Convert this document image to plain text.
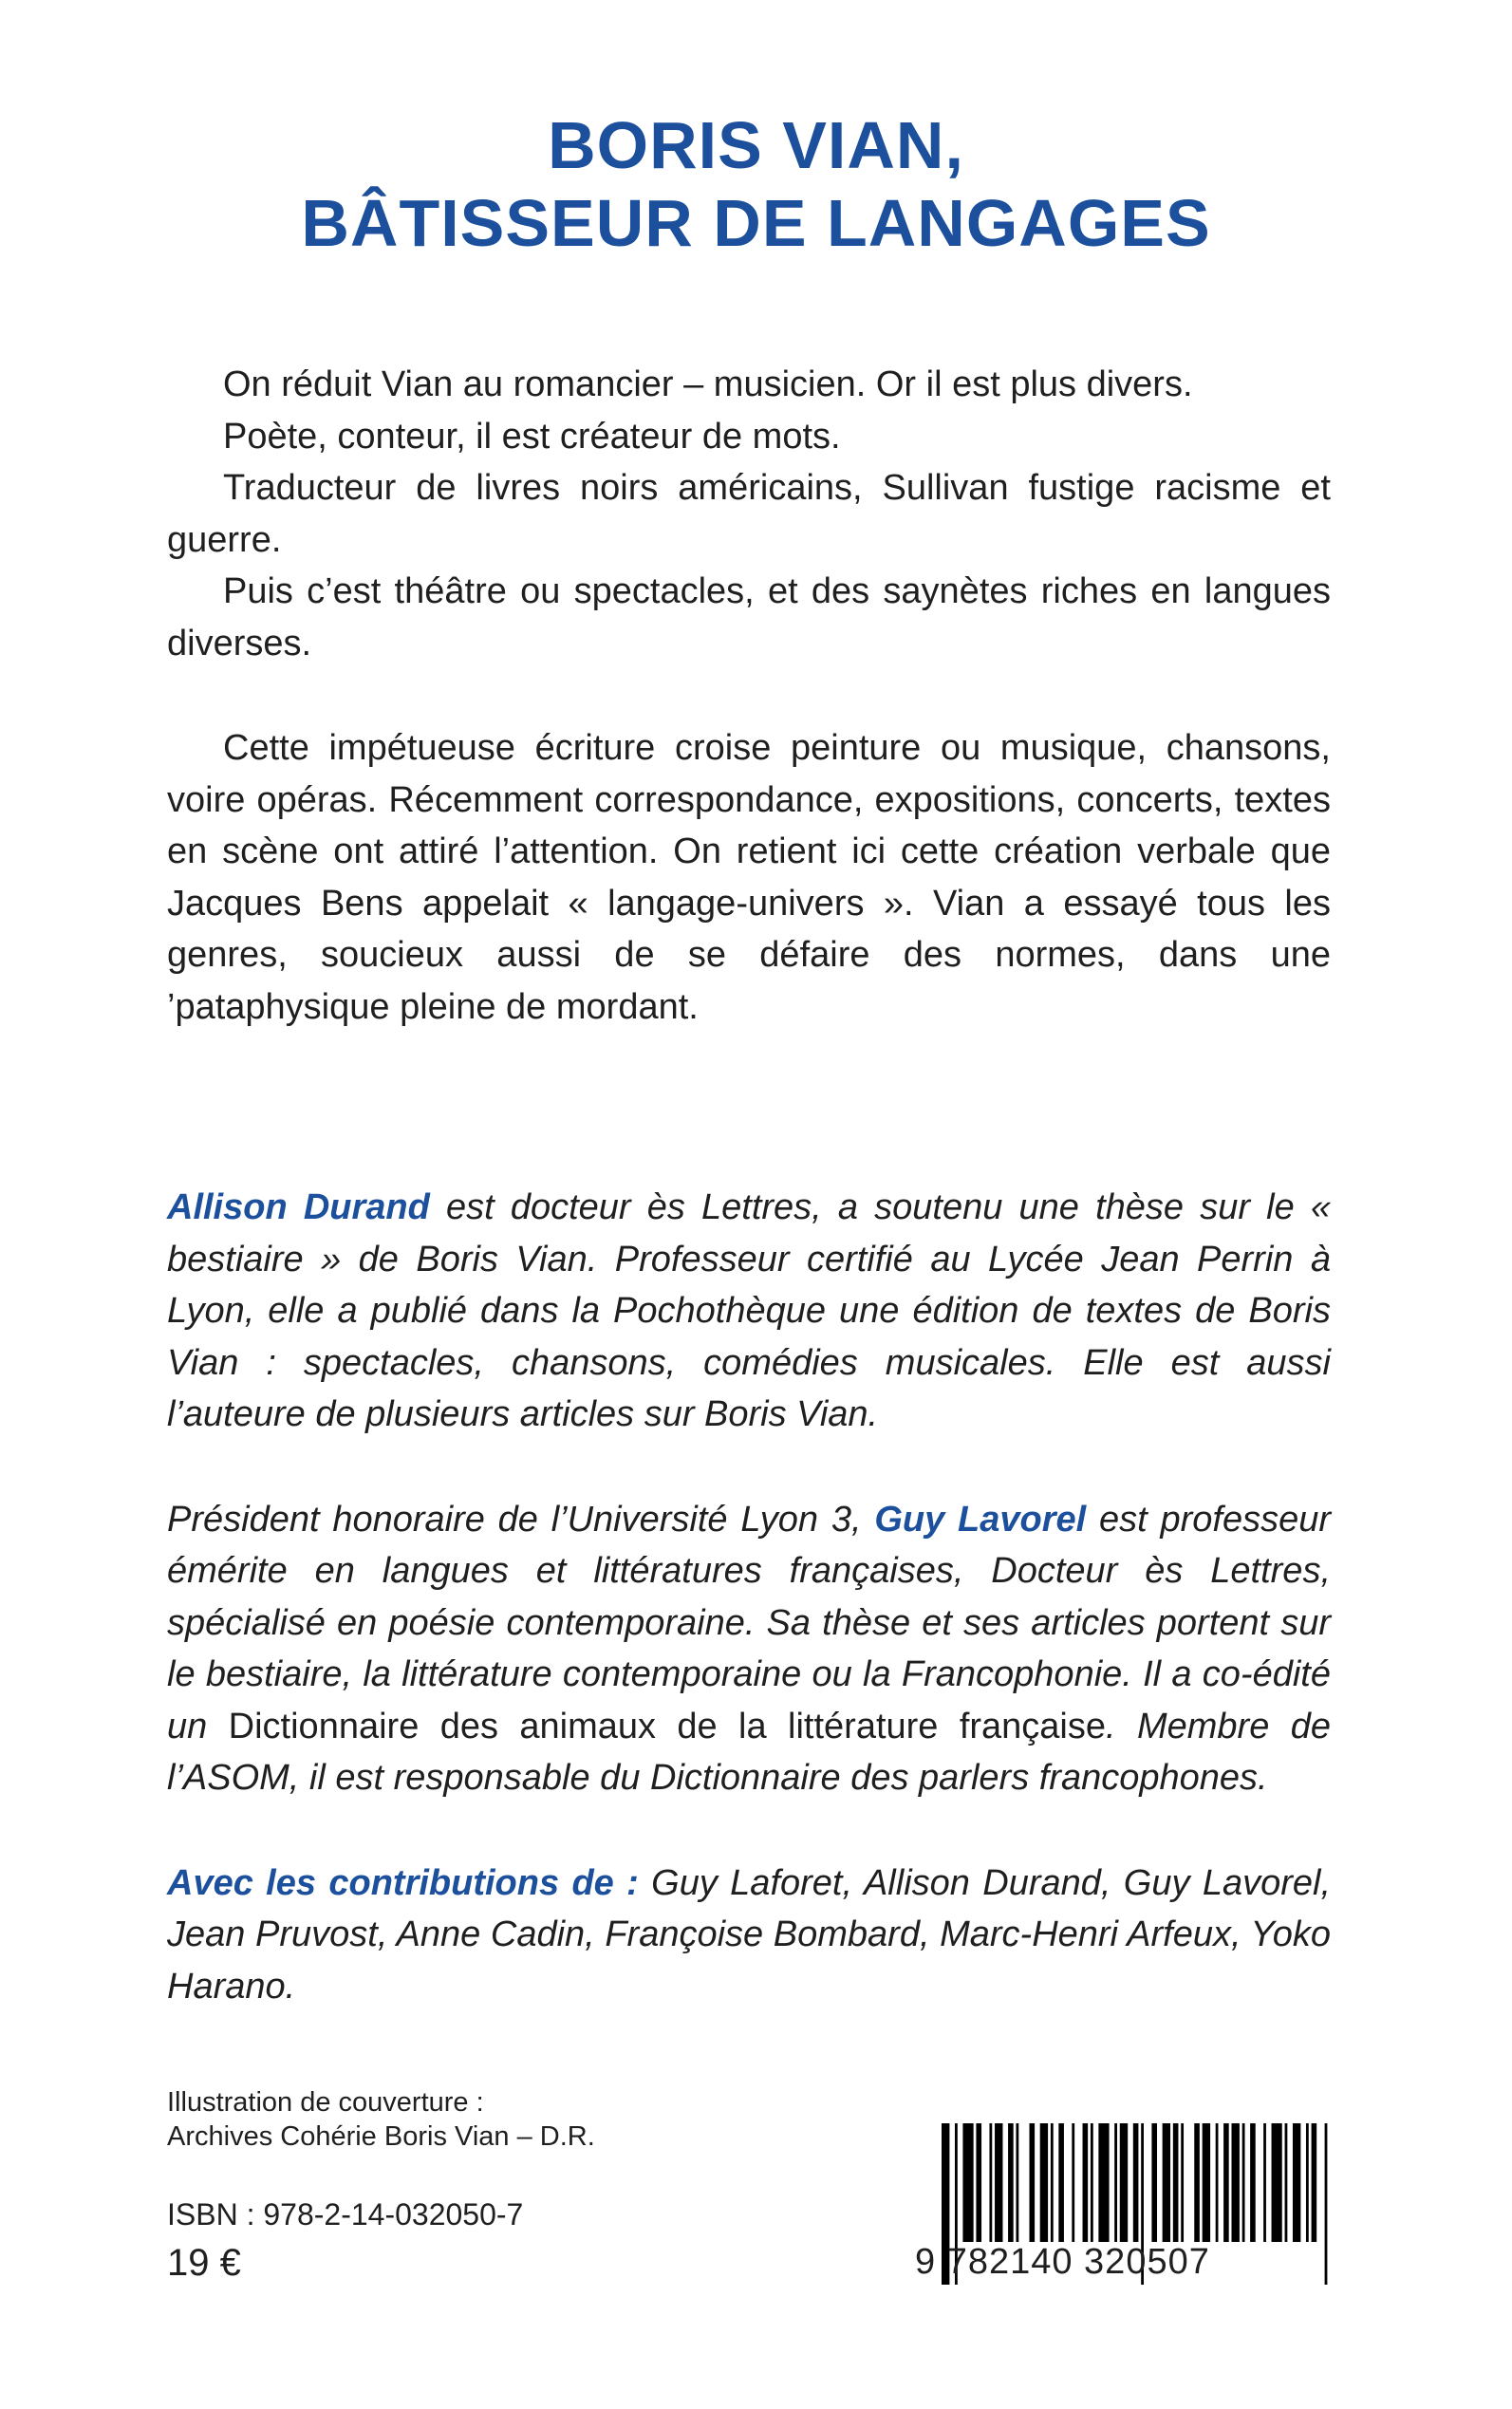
BORIS VIAN,
BÂTISSEUR DE LANGAGES

On réduit Vian au romancier – musicien. Or il est plus divers.

Poète, conteur, il est créateur de mots.

Traducteur de livres noirs américains, Sullivan fustige racisme et guerre.

Puis c’est théâtre ou spectacles, et des saynètes riches en langues diverses.

Cette impétueuse écriture croise peinture ou musique, chansons, voire opéras. Récemment correspondance, expositions, concerts, textes en scène ont attiré l’attention. On retient ici cette création verbale que Jacques Bens appelait « langage-univers ». Vian a essayé tous les genres, soucieux aussi de se défaire des normes, dans une ’pataphysique pleine de mordant.

Allison Durand est docteur ès Lettres, a soutenu une thèse sur le « bestiaire » de Boris Vian. Professeur certifié au Lycée Jean Perrin à Lyon, elle a publié dans la Pochothèque une édition de textes de Boris Vian : spectacles, chansons, comédies musicales. Elle est aussi l’auteure de plusieurs articles sur Boris Vian.

Président honoraire de l’Université Lyon 3, Guy Lavorel est professeur émérite en langues et littératures françaises, Docteur ès Lettres, spécialisé en poésie contemporaine. Sa thèse et ses articles portent sur le bestiaire, la littérature contemporaine ou la Francophonie. Il a co-édité un Dictionnaire des animaux de la littérature française. Membre de l’ASOM, il est responsable du Dictionnaire des parlers francophones.

Avec les contributions de : Guy Laforet, Allison Durand, Guy Lavorel, Jean Pruvost, Anne Cadin, Françoise Bombard, Marc-Henri Arfeux, Yoko Harano.

Illustration de couverture :
Archives Cohérie Boris Vian – D.R.
ISBN : 978-2-14-032050-7
19 €	9 782140 320507
